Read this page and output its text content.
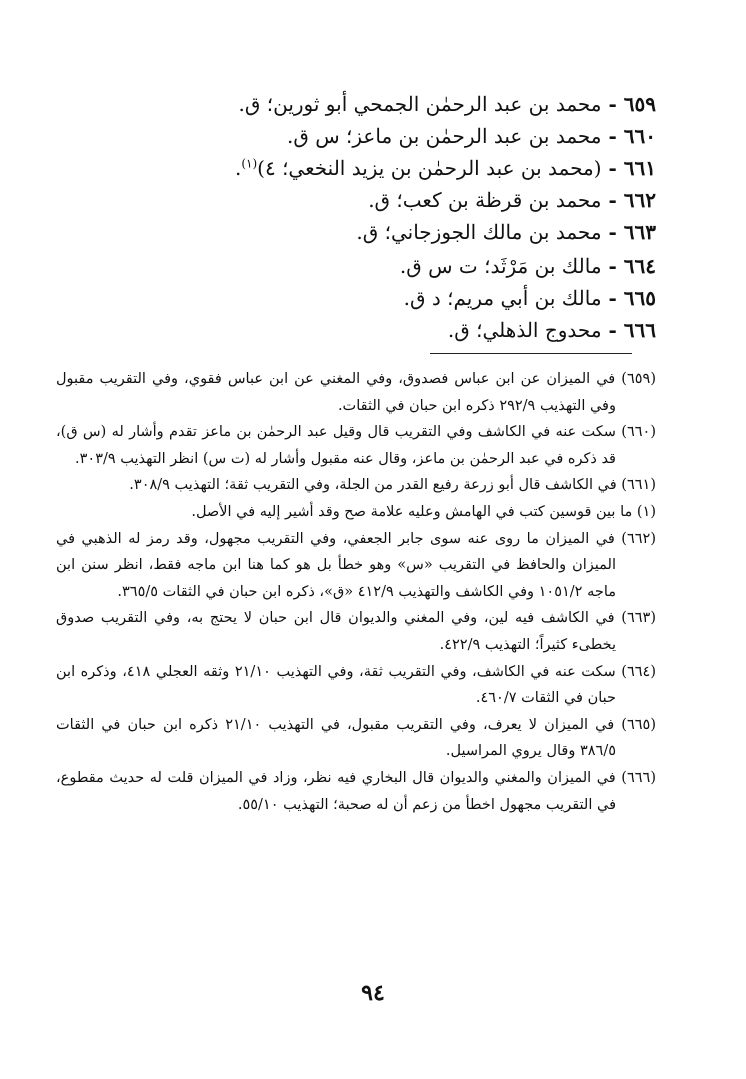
٦٥٩ - محمد بن عبد الرحمٰن الجمحي أبو ثورين؛ ق.
٦٦٠ - محمد بن عبد الرحمٰن بن ماعز؛ س ق.
٦٦١ - (محمد بن عبد الرحمٰن بن يزيد النخعي؛ ٤)$^{(١)}$.
٦٦٢ - محمد بن قرظة بن كعب؛ ق.
٦٦٣ - محمد بن مالك الجوزجاني؛ ق.
٦٦٤ - مالك بن مَرْثَد؛ ت س ق.
٦٦٥ - مالك بن أبي مريم؛ د ق.
٦٦٦ - محدوج الذهلي؛ ق.

(٦٥٩) في الميزان عن ابن عباس فصدوق، وفي المغني عن ابن عباس فقوي، وفي التقريب مقبول وفي التهذيب ٢٩٢/٩ ذكره ابن حبان في الثقات.

(٦٦٠) سكت عنه في الكاشف وفي التقريب قال وقيل عبد الرحمٰن بن ماعز تقدم وأشار له (س ق)، قد ذكره في عبد الرحمٰن بن ماعز، وقال عنه مقبول وأشار له (ت س) انظر التهذيب ٣٠٣/٩.

(٦٦١) في الكاشف قال أبو زرعة رفيع القدر من الجلة، وفي التقريب ثقة؛ التهذيب ٣٠٨/٩.

(١) ما بين قوسين كتب في الهامش وعليه علامة صح وقد أشير إليه في الأصل.

(٦٦٢) في الميزان ما روى عنه سوى جابر الجعفي، وفي التقريب مجهول، وقد رمز له الذهبي في الميزان والحافظ في التقريب «س» وهو خطأ بل هو كما هنا ابن ماجه فقط، انظر سنن ابن ماجه ١٠٥١/٢ وفي الكاشف والتهذيب ٤١٢/٩ «ق»، ذكره ابن حبان في الثقات ٣٦٥/٥.

(٦٦٣) في الكاشف فيه لين، وفي المغني والديوان قال ابن حبان لا يحتج به، وفي التقريب صدوق يخطىء كثيراً؛ التهذيب ٤٢٢/٩.

(٦٦٤) سكت عنه في الكاشف، وفي التقريب ثقة، وفي التهذيب ٢١/١٠ وثقه العجلي ٤١٨، وذكره ابن حبان في الثقات ٤٦٠/٧.

(٦٦٥) في الميزان لا يعرف، وفي التقريب مقبول، في التهذيب ٢١/١٠ ذكره ابن حبان في الثقات ٣٨٦/٥ وقال يروي المراسيل.

(٦٦٦) في الميزان والمغني والديوان قال البخاري فيه نظر، وزاد في الميزان قلت له حديث مقطوع، في التقريب مجهول اخطأ من زعم أن له صحبة؛ التهذيب ٥٥/١٠.

٩٤
